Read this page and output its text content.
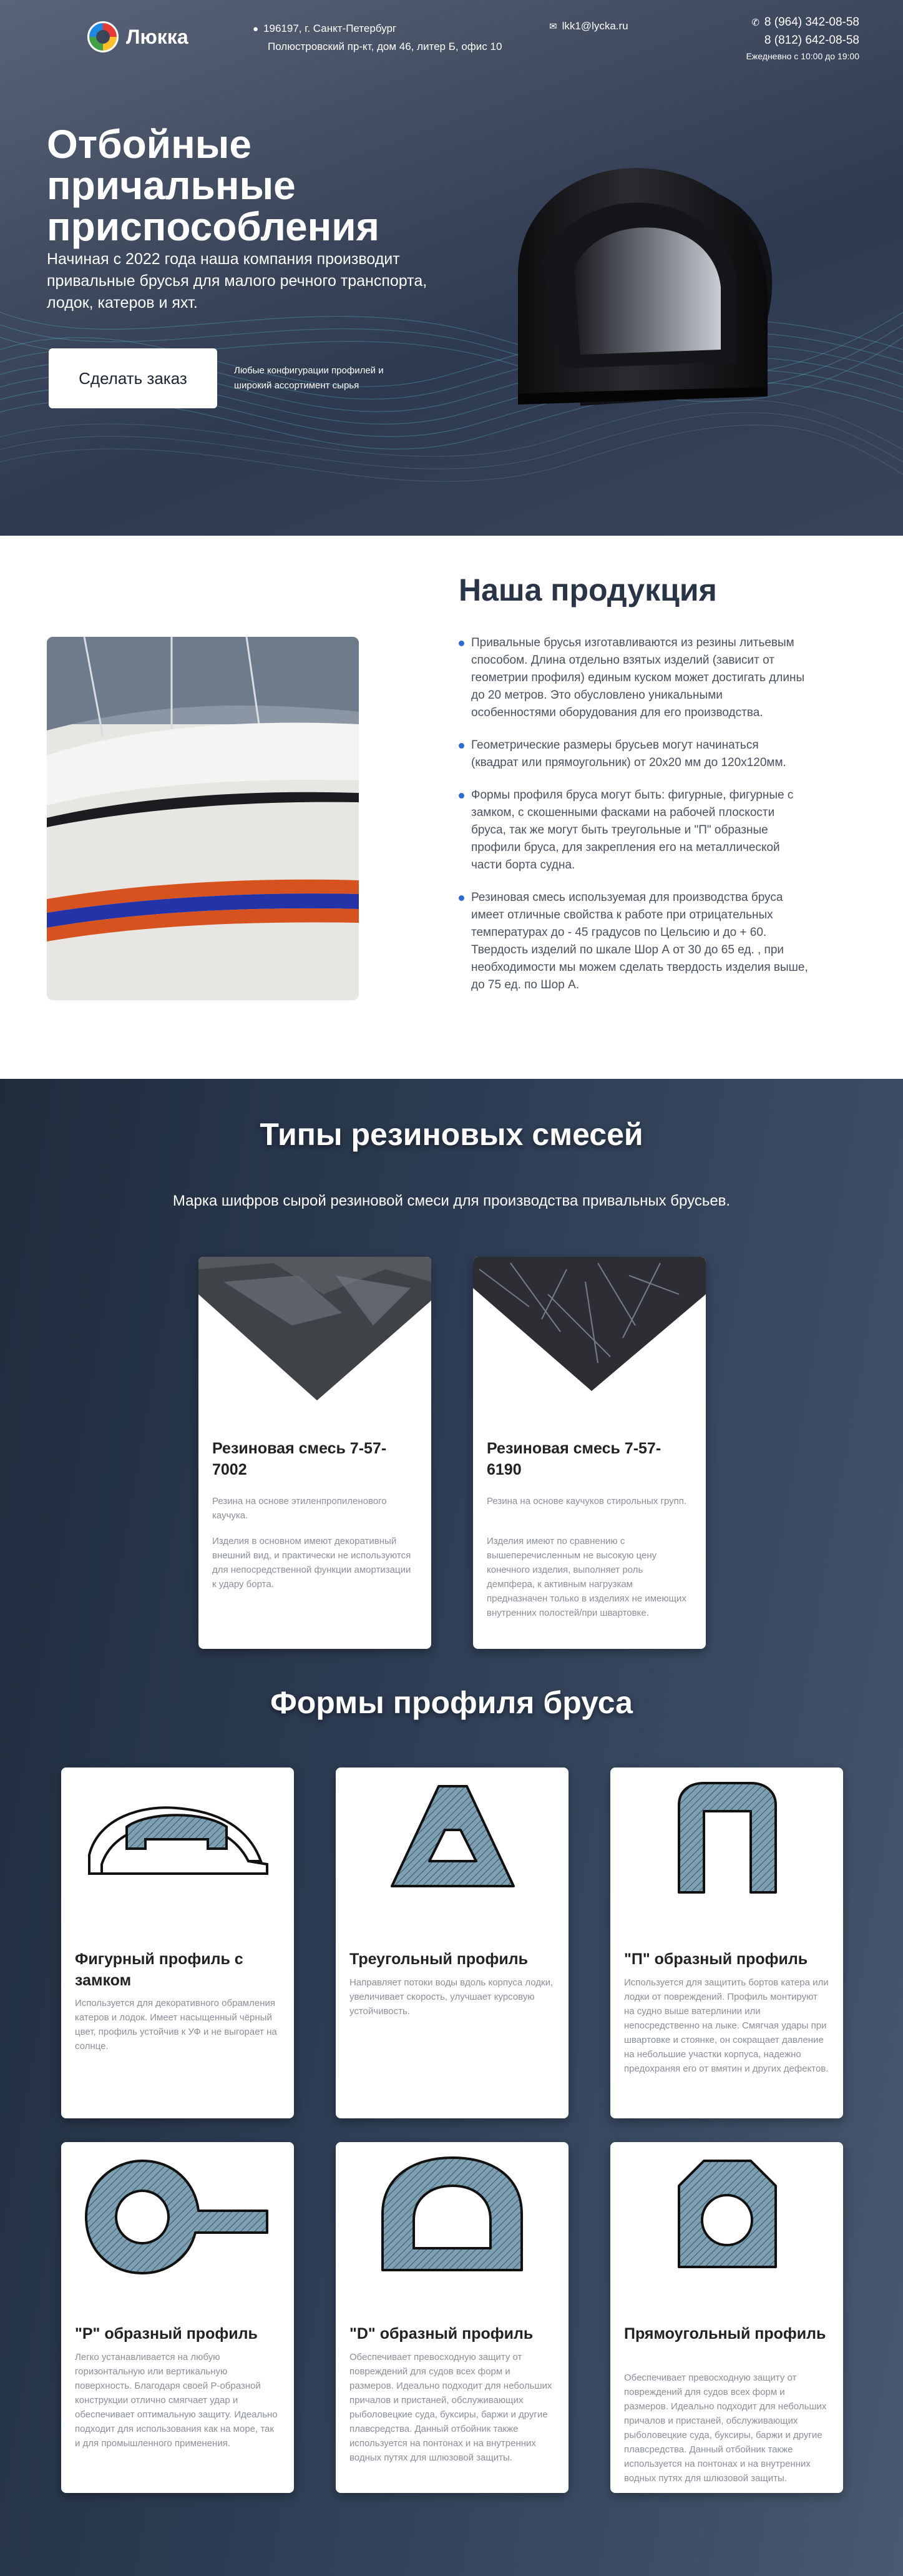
Люкка	● 196197, г. Санкт-Петербург
Полюстровский пр-кт, дом 46, литер Б, офис 10
✉ lkk1@lycka.ru	✆ 8 (964) 342-08-58
8 (812) 642-08-58
Ежедневно с 10:00 до 19:00
Отбойные причальные приспособления

Начиная с 2022 года наша компания производит привальные брусья для малого речного транспорта, лодок, катеров и яхт.

Сделать заказ	Любые конфигурации профилей и широкий ассортимент сырья

Наша продукция
Привальные брусья изготавливаются из резины литьевым способом. Длина отдельно взятых изделий (зависит от геометрии профиля) единым куском может достигать длины до 20 метров. Это обусловлено уникальными особенностями оборудования для его производства.
Геометрические размеры брусьев могут начинаться (квадрат или прямоугольник) от 20х20 мм до 120х120мм.
Формы профиля бруса могут быть: фигурные, фигурные с замком, с скошенными фасками на рабочей плоскости бруса, так же могут быть треугольные и "П" образные профили бруса, для закрепления его на металлической части борта судна.
Резиновая смесь используемая для производства бруса имеет отличные свойства к работе при отрицательных температурах до - 45 градусов по Цельсию и до + 60. Твердость изделий по шкале Шор А от 30 до 65 ед. , при необходимости мы можем сделать твердость изделия выше, до 75 ед. по Шор А.
Типы резиновых смесей

Марка шифров сырой резиновой смеси для производства привальных брусьев.

Резиновая смесь 7-57-7002
Резина на основе этиленпропиленового каучука.
Изделия в основном имеют декоративный внешний вид, и практически не используются для непосредственной функции амортизации к удару борта.
Резиновая смесь 7-57-6190
Резина на основе каучуков стирольных групп.
Изделия имеют по сравнению с вышеперечисленным не высокую цену конечного изделия, выполняет роль демпфера, к активным нагрузкам предназначен только в изделиях не имеющих внутренних полостей/при швартовке.
Формы профиля бруса
Фигурный профиль с замком
Используется для декоративного обрамления катеров и лодок. Имеет насыщенный чёрный цвет, профиль устойчив к УФ и не выгорает на солнце.
Треугольный профиль
Направляет потоки воды вдоль корпуса лодки, увеличивает скорость, улучшает курсовую устойчивость.
"П" образный профиль
Используется для защитить бортов катера или лодки от повреждений. Профиль монтируют на судно выше ватерлинии или непосредственно на лыке. Смягчая удары при швартовке и стоянке, он сокращает давление на небольшие участки корпуса, надежно предохраняя его от вмятин и других дефектов.
"Р" образный профиль
Легко устанавливается на любую горизонтальную или вертикальную поверхность. Благодаря своей Р-образной конструкции отлично смягчает удар и обеспечивает оптимальную защиту. Идеально подходит для использования как на море, так и для промышленного применения.
"D" образный профиль
Обеспечивает превосходную защиту от повреждений для судов всех форм и размеров. Идеально подходит для небольших причалов и пристаней, обслуживающих рыболовецкие суда, буксиры, баржи и другие плавсредства. Данный отбойник также используется на понтонах и на внутренних водных путях для шлюзовой защиты.
Прямоугольный профиль
Обеспечивает превосходную защиту от повреждений для судов всех форм и размеров. Идеально подходит для небольших причалов и пристаней, обслуживающих рыболовецкие суда, буксиры, баржи и другие плавсредства. Данный отбойник также используется на понтонах и на внутренних водных путях для шлюзовой защиты.
